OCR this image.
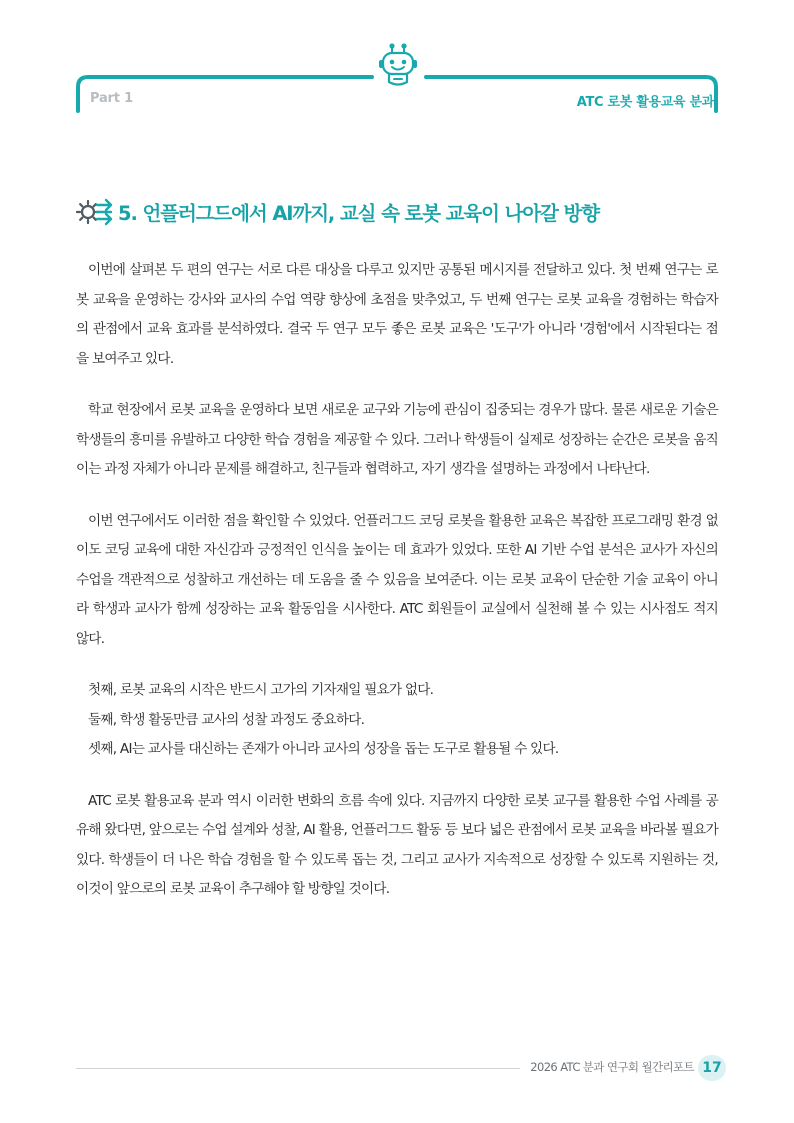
Part 1	ATC 로봇 활용교육 분과
5. 언플러그드에서 AI까지, 교실 속 로봇 교육이 나아갈 방향

이번에 살펴본 두 편의 연구는 서로 다른 대상을 다루고 있지만 공통된 메시지를 전달하고 있다. 첫 번째 연구는 로봇 교육을 운영하는 강사와 교사의 수업 역량 향상에 초점을 맞추었고, 두 번째 연구는 로봇 교육을 경험하는 학습자의 관점에서 교육 효과를 분석하였다. 결국 두 연구 모두 좋은 로봇 교육은 '도구'가 아니라 '경험'에서 시작된다는 점을 보여주고 있다.

학교 현장에서 로봇 교육을 운영하다 보면 새로운 교구와 기능에 관심이 집중되는 경우가 많다. 물론 새로운 기술은 학생들의 흥미를 유발하고 다양한 학습 경험을 제공할 수 있다. 그러나 학생들이 실제로 성장하는 순간은 로봇을 움직이는 과정 자체가 아니라 문제를 해결하고, 친구들과 협력하고, 자기 생각을 설명하는 과정에서 나타난다.

이번 연구에서도 이러한 점을 확인할 수 있었다. 언플러그드 코딩 로봇을 활용한 교육은 복잡한 프로그래밍 환경 없이도 코딩 교육에 대한 자신감과 긍정적인 인식을 높이는 데 효과가 있었다. 또한 AI 기반 수업 분석은 교사가 자신의 수업을 객관적으로 성찰하고 개선하는 데 도움을 줄 수 있음을 보여준다. 이는 로봇 교육이 단순한 기술 교육이 아니라 학생과 교사가 함께 성장하는 교육 활동임을 시사한다. ATC 회원들이 교실에서 실천해 볼 수 있는 시사점도 적지 않다.

첫째, 로봇 교육의 시작은 반드시 고가의 기자재일 필요가 없다.
둘째, 학생 활동만큼 교사의 성찰 과정도 중요하다.
셋째, AI는 교사를 대신하는 존재가 아니라 교사의 성장을 돕는 도구로 활용될 수 있다.

ATC 로봇 활용교육 분과 역시 이러한 변화의 흐름 속에 있다. 지금까지 다양한 로봇 교구를 활용한 수업 사례를 공유해 왔다면, 앞으로는 수업 설계와 성찰, AI 활용, 언플러그드 활동 등 보다 넓은 관점에서 로봇 교육을 바라볼 필요가 있다. 학생들이 더 나은 학습 경험을 할 수 있도록 돕는 것, 그리고 교사가 지속적으로 성장할 수 있도록 지원하는 것, 이것이 앞으로의 로봇 교육이 추구해야 할 방향일 것이다.

2026 ATC 분과 연구회 월간리포트 17
